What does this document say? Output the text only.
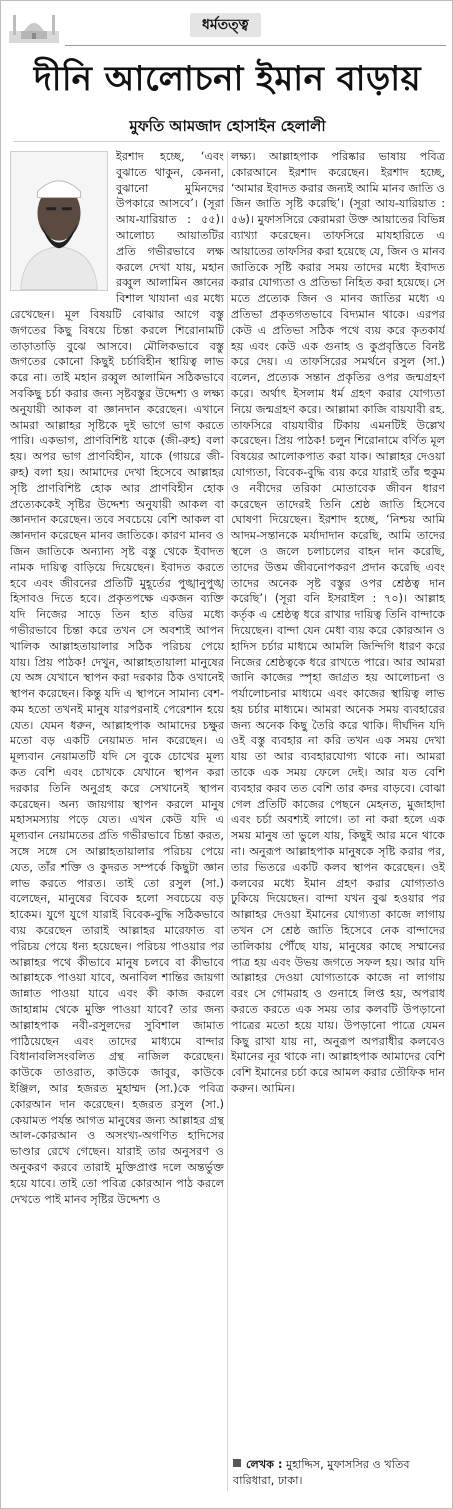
ধর্মতত্ত্ব
দীনি আলোচনা ইমান বাড়ায়
মুফতি আমজাদ হোসাইন হেলালী

ইরশাদ হচ্ছে, ‘এবং বুঝাতে থাকুন, কেননা, বুঝানো মুমিনদের উপকারে আসবে’। (সূরা আয-যারিয়াত : ৫৫)। আলোচ্য আয়াতটির প্রতি গভীরভাবে লক্ষ করলে দেখা যায়, মহান রব্বুল আলামিন জ্ঞানের বিশাল খাযানা এর মধ্যে রেখেছেন। মূল বিষয়টি বোঝার আগে বস্তু জগতের কিছু বিষয়ে চিন্তা করলে শিরোনামটি তাড়াতাড়ি বুঝে আসবে। মৌলিকভাবে বস্তু জগতের কোনো কিছুই চর্চাবিহীন স্থায়িত্ব লাভ করে না। তাই মহান রব্বুল আলামিন সঠিকভাবে সবকিছু চর্চা করার জন্য সৃষ্টবস্তুর উদ্দেশ্য ও লক্ষ্য অনুযায়ী আকল বা জ্ঞানদান করেছেন। এখানে আমরা আল্লাহর সৃষ্টিকে দুই ভাগে ভাগ করতে পারি। একভাগ, প্রাণবিশিষ্ট যাকে (জী-রুহ) বলা হয়। অপর ভাগ প্রাণবিহীন, যাকে (গায়রে জী-রুহ) বলা হয়। আমাদের দেখা হিসেবে আল্লাহর সৃষ্টি প্রাণবিশিষ্ট হোক আর প্রাণবিহীন হোক প্রত্যেককেই সৃষ্টির উদ্দেশ্য অনুযায়ী আকল বা জ্ঞানদান করেছেন। তবে সবচেয়ে বেশি আকল বা জ্ঞানদান করেছেন মানব জাতিকে। কারণ মানব ও জিন জাতিকে অন্যান্য সৃষ্ট বস্তু থেকে ইবাদত নামক দায়িত্ব বাড়িয়ে দিয়েছেন। ইবাদত করতে হবে এবং জীবনের প্রতিটি মুহূর্তের পুঙ্খানুপুঙ্খ হিসাবও দিতে হবে। প্রকৃতপক্ষে একজন ব্যক্তি যদি নিজের সাড়ে তিন হাত বডির মধ্যে গভীরভাবে চিন্তা করে তখন সে অবশ্যই আপন খালিক আল্লাহতায়ালার সঠিক পরিচয় পেয়ে যায়। প্রিয় পাঠক! দেখুন, আল্লাহতায়ালা মানুষের যে অঙ্গ যেখানে স্থাপন করা দরকার ঠিক ওখানেই স্থাপন করেছেন। কিন্তু যদি এ স্থাপনে সামান্য বেশ-কম হতো তখনই মানুষ যারপরনাই পেরেশান হয়ে যেত। যেমন ধরুন, আল্লাহপাক আমাদের চক্ষুর মতো বড় একটি নেয়ামত দান করেছেন। এ মূল্যবান নেয়ামতটি যদি সে বুকে চোখের মূল্য কত বেশি এবং চোখকে যেখানে স্থাপন করা দরকার তিনি অনুগ্রহ করে সেখানেই স্থাপন করেছেন। অন্য জায়গায় স্থাপন করলে মানুষ মহাসমস্যায় পড়ে যেত। এখন কেউ যদি এ মূল্যবান নেয়ামতের প্রতি গভীরভাবে চিন্তা করত, সঙ্গে সঙ্গে সে আল্লাহতায়ালার পরিচয় পেয়ে যেত, তাঁর শক্তি ও কুদরত সম্পর্কে কিছুটা জ্ঞান লাভ করতে পারত। তাই তো রসুল (সা.) বলেছেন, মানুষের বিবেক হলো সবচেয়ে বড় হাকেম। যুগে যুগে যারাই বিবেক-বুদ্ধি সঠিকভাবে ব্যয় করেছেন তারাই আল্লাহর মারেফাত বা পরিচয় পেয়ে ধন্য হয়েছেন। পরিচয় পাওয়ার পর আল্লাহর পথে কীভাবে মানুষ চলবে বা কীভাবে আল্লাহকে পাওয়া যাবে, অনাবিল শান্তির জায়গা জান্নাত পাওয়া যাবে এবং কী কাজ করলে জাহান্নাম থেকে মুক্তি পাওয়া যাবে? তার জন্য আল্লাহপাক নবী-রসুলদের সুবিশাল জামাত পাঠিয়েছেন এবং তাদের মাধ্যমে বান্দার বিধানাবলিসংবলিত গ্রন্থ নাজিল করেছেন। কাউকে তাওরাত, কাউকে জাবুর, কাউকে ইঞ্জিল, আর হজরত মুহাম্মদ (সা.)কে পবিত্র কোরআন দান করেছেন। হজরত রসুল (সা.) কেয়ামত পর্যন্ত আগত মানুষের জন্য আল্লাহর গ্রন্থ আল-কোরআন ও অসংখ্য-অগণিত হাদিসের ভাণ্ডার রেখে গেছেন। যারাই তার অনুসরণ ও অনুকরণ করবে তারাই মুক্তিপ্রাপ্ত দলে অন্তর্ভুক্ত হয়ে যাবে। তাই তো পবিত্র কোরআন পাঠ করলে দেখতে পাই মানব সৃষ্টির উদ্দেশ্য ও

লক্ষ্য। আল্লাহপাক পরিষ্কার ভাষায় পবিত্র কোরআনে ইরশাদ করেছেন। ইরশাদ হচ্ছে, ‘আমার ইবাদত করার জন্যই আমি মানব জাতি ও জিন জাতি সৃষ্টি করেছি’। (সূরা আয-যারিয়াত : ৫৬)। মুফাসসিরে কেরামরা উক্ত আয়াতের বিভিন্ন ব্যাখ্যা করেছেন। তাফসিরে মাযহারিতে এ আয়াতের তাফসির করা হয়েছে যে, জিন ও মানব জাতিকে সৃষ্টি করার সময় তাদের মধ্যে ইবাদত করার যোগ্যতা ও প্রতিভা নিহিত করা হয়েছে। সে মতে প্রত্যেক জিন ও মানব জাতির মধ্যে এ প্রতিভা প্রকৃতগতভাবে বিদ্যমান থাকে। এরপর কেউ এ প্রতিভা সঠিক পথে ব্যয় করে কৃতকার্য হয় এবং কেউ এক গুনাহ ও কুপ্রবৃত্তিতে বিনষ্ট করে দেয়। এ তাফসিরের সমর্থনে রসুল (সা.) বলেন, প্রত্যেক সন্তান প্রকৃতির ওপর জন্মগ্রহণ করে। অর্থাৎ ইসলাম ধর্ম গ্রহণ করার যোগ্যতা নিয়ে জন্মগ্রহণ করে। আল্লামা কাজি বায়যাবী রহ. তাফসিরে বায়যাবীর টিকায় এমনটিই উল্লেখ করেছেন। প্রিয় পাঠক! চলুন শিরোনামে বর্ণিত মূল বিষয়ের আলোকপাত করা যাক। আল্লাহর দেওয়া যোগ্যতা, বিবেক-বুদ্ধি ব্যয় করে যারাই তাঁর হুকুম ও নবীদের তরিকা মোতাবেক জীবন ধারণ করেছেন তাদেরই তিনি শ্রেষ্ঠ জাতি হিসেবে ঘোষণা দিয়েছেন। ইরশাদ হচ্ছে, ‘নিশ্চয় আমি আদম-সন্তানকে মর্যাদাদান করেছি, আমি তাদের স্থলে ও জলে চলাচলের বাহন দান করেছি, তাদের উত্তম জীবনোপকরণ প্রদান করেছি এবং তাদের অনেক সৃষ্ট বস্তুর ওপর শ্রেষ্ঠত্ব দান করেছি’। (সূরা বনি ইসরাইল : ৭০)। আল্লাহ কর্তৃক এ শ্রেষ্ঠত্ব ধরে রাখার দায়িত্ব তিনি বান্দাকে দিয়েছেন। বান্দা যেন মেধা ব্যয় করে কোরআন ও হাদিস চর্চার মাধ্যমে আমলি জিন্দিগি ধারণ করে নিজের শ্রেষ্ঠত্বকে ধরে রাখতে পারে। আর আমরা জানি কাজের স্পৃহা জাগ্রত হয় আলোচনা ও পর্যালোচনার মাধ্যমে এবং কাজের স্থায়িত্ব লাভ হয় চর্চার মাধ্যমে। আমরা অনেক সময় ব্যবহারের জন্য অনেক কিছু তৈরি করে থাকি। দীর্ঘদিন যদি ওই বস্তু ব্যবহার না করি তখন এক সময় দেখা যায় তা আর ব্যবহারযোগ্য থাকে না। আমরা তাকে এক সময় ফেলে দেই। আর যত বেশি ব্যবহার করব তত বেশি তার কদর বাড়বে। বোঝা গেল প্রতিটি কাজের পেছনে মেহনত, মুজাহাদা এবং চর্চা অবশ্যই লাগে। তা না করা হলে এক সময় মানুষ তা ভুলে যায়, কিছুই আর মনে থাকে না। অনুরূপ আল্লাহপাক মানুষকে সৃষ্টি করার পর, তার ভিতরে একটি কলব স্থাপন করেছেন। ওই কলবের মধ্যে ইমান গ্রহণ করার যোগ্যতাও ঢুকিয়ে দিয়েছেন। বান্দা যখন বুঝ হওয়ার পর আল্লাহর দেওয়া ইমানের যোগ্যতা কাজে লাগায় তখন সে শ্রেষ্ঠ জাতি হিসেবে নেক বান্দাদের তালিকায় পৌঁছে যায়, মানুষের কাছে সম্মানের পাত্র হয় এবং উভয় জগতে সফল হয়। আর যদি আল্লাহর দেওয়া যোগ্যতাকে কাজে না লাগায় বরং সে গোমরাহ ও গুনাহে লিপ্ত হয়, অপরাধ করতে করতে এক সময় তার কলবটি উপড়ানো পাত্রের মতো হয়ে যায়। উপড়ানো পাত্রে যেমন কিছু রাখা যায় না, অনুরূপ অপরাধীর কলবেও ইমানের নূর থাকে না। আল্লাহপাক আমাদের বেশি বেশি ইমানের চর্চা করে আমল করার তৌফিক দান করুন। আমিন।

লেখক : মুহাদ্দিস, মুফাসসির ও খতিব বারিধারা, ঢাকা।
